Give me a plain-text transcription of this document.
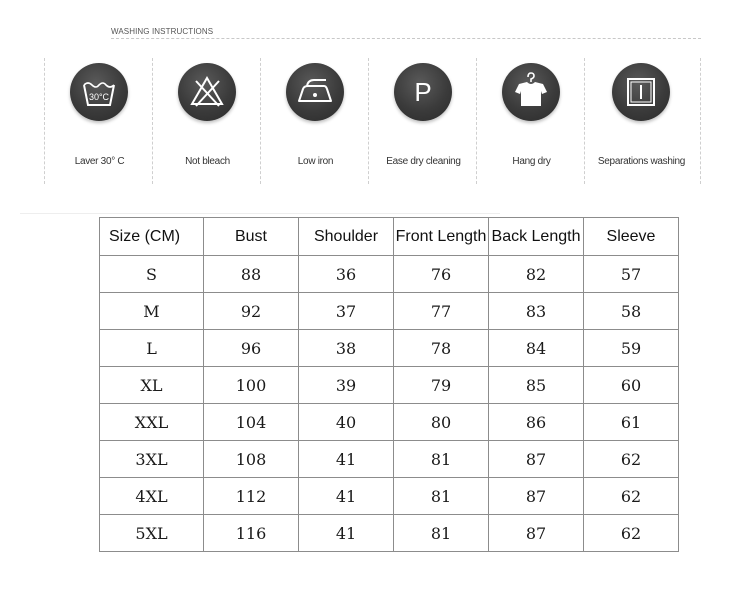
WASHING INSTRUCTIONS
30°C
Laver 30° C	Not bleach	Low iron
P
Ease dry cleaning	Hang dry	Separations washing
Size (CM)	Bust	Shoulder	Front Length	Back Length	Sleeve
S	88	36	76	82	57
M	92	37	77	83	58
L	96	38	78	84	59
XL	100	39	79	85	60
XXL	104	40	80	86	61
3XL	108	41	81	87	62
4XL	112	41	81	87	62
5XL	116	41	81	87	62
